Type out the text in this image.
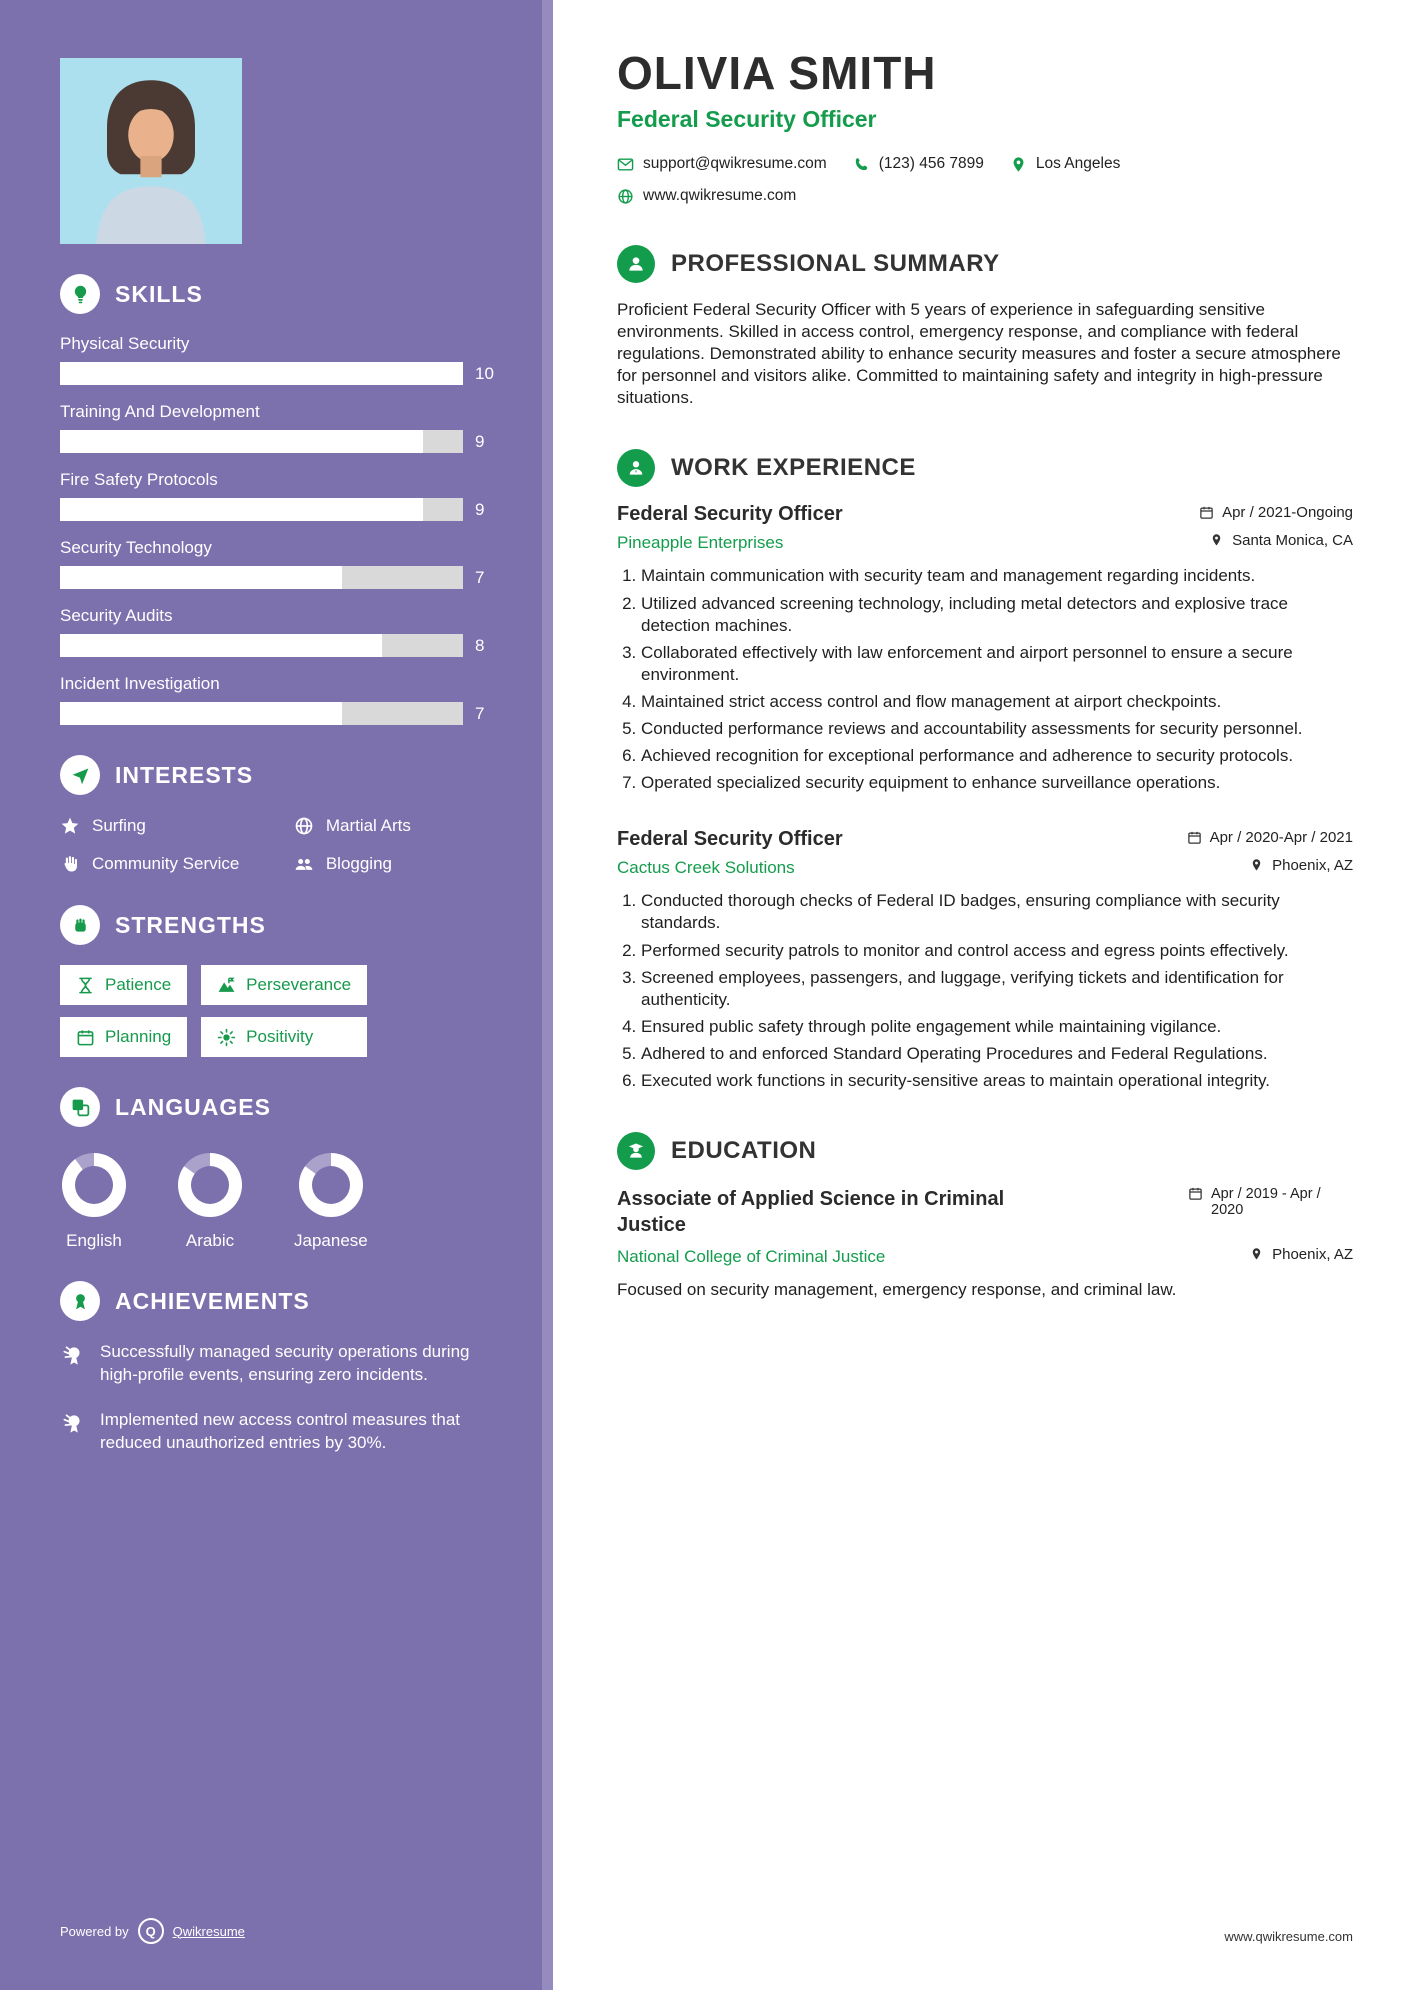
SKILLS
Physical Security
10
Training And Development
9
Fire Safety Protocols
9
Security Technology
7
Security Audits
8
Incident Investigation
7
INTERESTS
Surfing	Martial Arts
Community Service	Blogging
STRENGTHS
Patience	Perseverance
Planning	Positivity
LANGUAGES
English	Arabic	Japanese
ACHIEVEMENTS

Successfully managed security operations during high-profile events, ensuring zero incidents.

Implemented new access control measures that reduced unauthorized entries by 30%.

Powered by	Q	Qwikresume
OLIVIA SMITH
Federal Security Officer
support@qwikresume.com	(123) 456 7899	Los Angeles
www.qwikresume.com
PROFESSIONAL SUMMARY

Proficient Federal Security Officer with 5 years of experience in safeguarding sensitive environments. Skilled in access control, emergency response, and compliance with federal regulations. Demonstrated ability to enhance security measures and foster a secure atmosphere for personnel and visitors alike. Committed to maintaining safety and integrity in high-pressure situations.

WORK EXPERIENCE
Federal Security Officer	Apr / 2021-Ongoing
Pineapple Enterprises	Santa Monica, CA
1. Maintain communication with security team and management regarding incidents.
2. Utilized advanced screening technology, including metal detectors and explosive trace detection machines.
3. Collaborated effectively with law enforcement and airport personnel to ensure a secure environment.
4. Maintained strict access control and flow management at airport checkpoints.
5. Conducted performance reviews and accountability assessments for security personnel.
6. Achieved recognition for exceptional performance and adherence to security protocols.
7. Operated specialized security equipment to enhance surveillance operations.
Federal Security Officer	Apr / 2020-Apr / 2021
Cactus Creek Solutions	Phoenix, AZ
1. Conducted thorough checks of Federal ID badges, ensuring compliance with security standards.
2. Performed security patrols to monitor and control access and egress points effectively.
3. Screened employees, passengers, and luggage, verifying tickets and identification for authenticity.
4. Ensured public safety through polite engagement while maintaining vigilance.
5. Adhered to and enforced Standard Operating Procedures and Federal Regulations.
6. Executed work functions in security-sensitive areas to maintain operational integrity.
EDUCATION
Associate of Applied Science in Criminal Justice
Apr / 2019 - Apr / 2020
National College of Criminal Justice	Phoenix, AZ

Focused on security management, emergency response, and criminal law.

www.qwikresume.com
